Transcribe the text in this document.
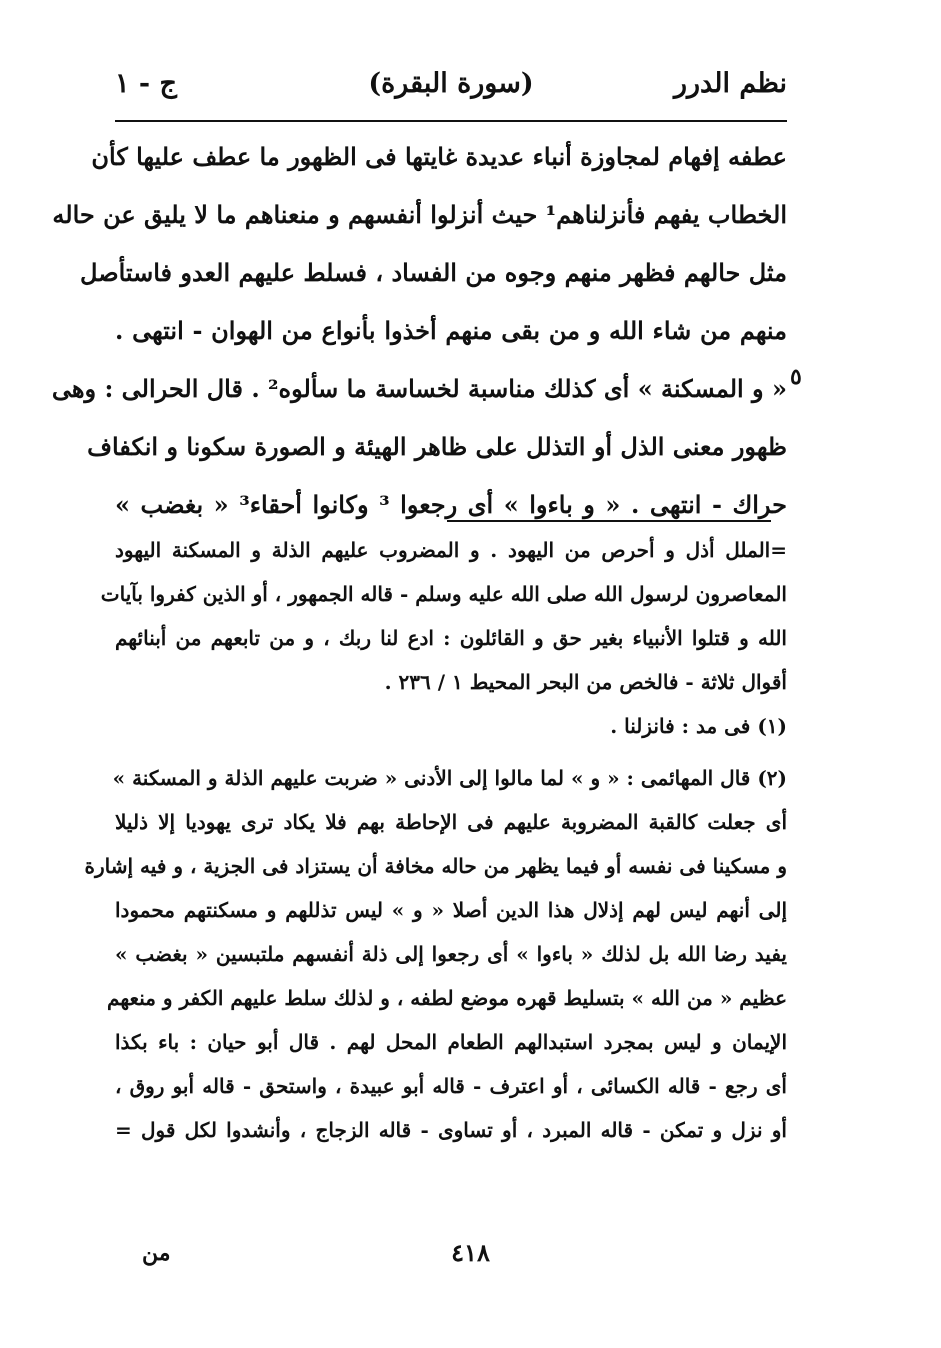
نظم الدرر
(سورة البقرة)
ج - ١
٥
عطفه إفهام لمجاوزة أنباء عديدة غايتها فى الظهور ما عطف عليها كأن
الخطاب يفهم فأنزلناهم¹ حيث أنزلوا أنفسهم و منعناهم ما لا يليق عن حاله
مثل حالهم فظهر منهم وجوه من الفساد ، فسلط عليهم العدو فاستأصل
منهم من شاء الله و من بقى منهم أخذوا بأنواع من الهوان - انتهى .
« و المسكنة » أى كذلك مناسبة لخساسة ما سألوه² . قال الحرالى : وهى
ظهور معنى الذل أو التذلل على ظاهر الهيئة و الصورة سكونا و انكفاف
حراك - انتهى . « و باءوا » أى رجعوا ³ وكانوا أحقاء³ « بغضب »
=الملل أذل و أحرص من اليهود . و المضروب عليهم الذلة و المسكنة اليهود
المعاصرون لرسول الله صلى الله عليه وسلم - قاله الجمهور ، أو الذين كفروا بآيات
الله و قتلوا الأنبياء بغير حق و القائلون : ادع لنا ربك ، و من تابعهم من أبنائهم
أقوال ثلاثة - فالخص من البحر المحيط ١ / ٢٣٦ .
(١) فى مد : فانزلنا .
(٢) قال المهائمى : « و » لما مالوا إلى الأدنى « ضربت عليهم الذلة و المسكنة »
أى جعلت كالقبة المضروبة عليهم فى الإحاطة بهم فلا يكاد ترى يهوديا إلا ذليلا
و مسكينا فى نفسه أو فيما يظهر من حاله مخافة أن يستزاد فى الجزية ، و فيه إشارة
إلى أنهم ليس لهم إذلال هذا الدين أصلا « و » ليس تذللهم و مسكنتهم محمودا
يفيد رضا الله بل لذلك « باءوا » أى رجعوا إلى ذلة أنفسهم ملتبسين « بغضب »
عظيم « من الله » بتسليط قهره موضع لطفه ، و لذلك سلط عليهم الكفر و منعهم
الإيمان و ليس بمجرد استبدالهم الطعام المحل لهم . قال أبو حيان : باء بكذا
أى رجع - قاله الكسائى ، أو اعترف - قاله أبو عبيدة ، واستحق - قاله أبو روق ،
أو نزل و تمكن - قاله المبرد ، أو تساوى - قاله الزجاج ، وأنشدوا لكل قول =
٤١٨
من
